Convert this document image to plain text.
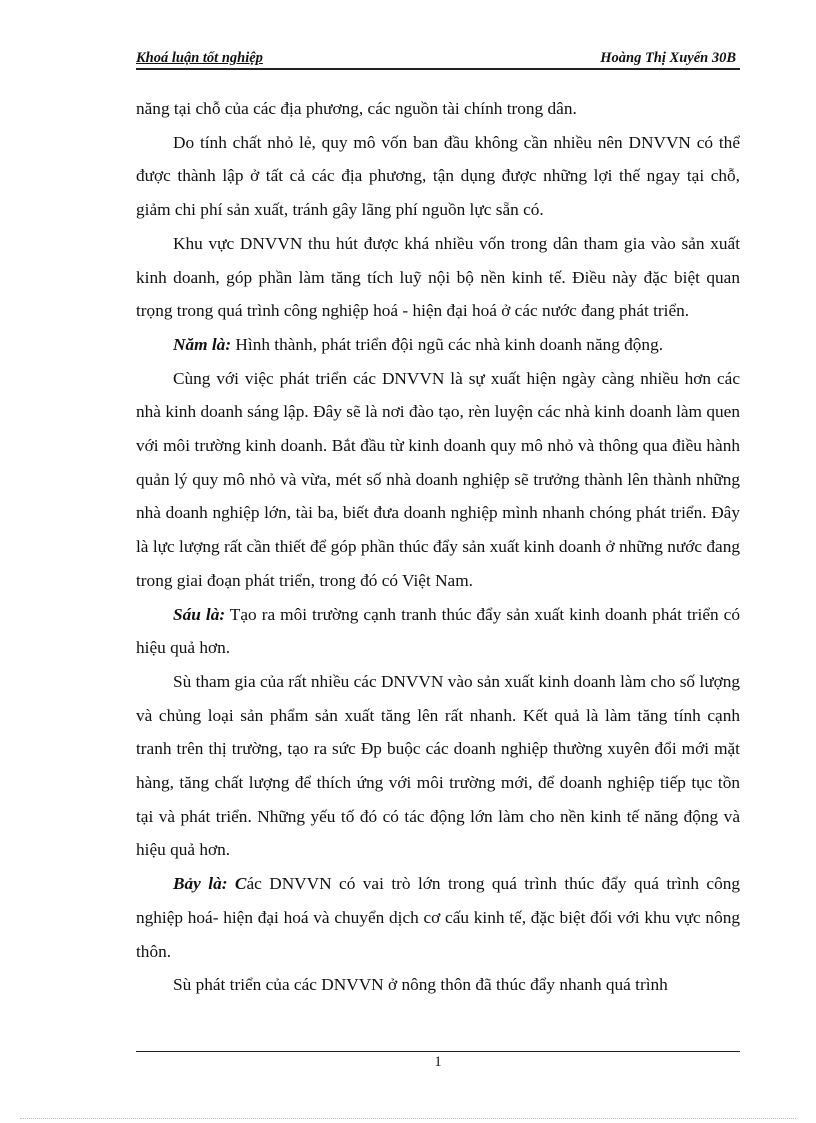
Khoá luận tốt nghiệp	Hoàng Thị Xuyến 30B

năng tại chỗ của các địa phương, các nguồn tài chính trong dân.

Do tính chất nhỏ lẻ, quy mô vốn ban đầu không cần nhiều nên DNVVN có thể được thành lập ở tất cả các địa phương, tận dụng được những lợi thế ngay tại chỗ, giảm chi phí sản xuất, tránh gây lãng phí nguồn lực sẵn có.

Khu vực DNVVN thu hút được khá nhiều vốn trong dân tham gia vào sản xuất kinh doanh, góp phần làm tăng tích luỹ nội bộ nền kinh tế. Điều này đặc biệt quan trọng trong quá trình công nghiệp hoá - hiện đại hoá ở các nước đang phát triển.

Năm là: Hình thành, phát triển đội ngũ các nhà kinh doanh năng động.

Cùng với việc phát triển các DNVVN là sự xuất hiện ngày càng nhiều hơn các nhà kinh doanh sáng lập. Đây sẽ là nơi đào tạo, rèn luyện các nhà kinh doanh làm quen với môi trường kinh doanh. Bắt đầu từ kinh doanh quy mô nhỏ và thông qua điều hành quản lý quy mô nhỏ và vừa, mét số nhà doanh nghiệp sẽ trưởng thành lên thành những nhà doanh nghiệp lớn, tài ba, biết đưa doanh nghiệp mình nhanh chóng phát triển. Đây là lực lượng rất cần thiết để góp phần thúc đẩy sản xuất kinh doanh ở những nước đang trong giai đoạn phát triển, trong đó có Việt Nam.

Sáu là: Tạo ra môi trường cạnh tranh thúc đẩy sản xuất kinh doanh phát triển có hiệu quả hơn.

Sù tham gia của rất nhiều các DNVVN vào sản xuất kinh doanh làm cho số lượng và chủng loại sản phẩm sản xuất tăng lên rất nhanh. Kết quả là làm tăng tính cạnh tranh trên thị trường, tạo ra sức Ðp buộc các doanh nghiệp thường xuyên đổi mới mặt hàng, tăng chất lượng để thích ứng với môi trường mới, để doanh nghiệp tiếp tục tồn tại và phát triển. Những yếu tố đó có tác động lớn làm cho nền kinh tế năng động và hiệu quả hơn.

Bảy là: Các DNVVN có vai trò lớn trong quá trình thúc đẩy quá trình công nghiệp hoá- hiện đại hoá và chuyển dịch cơ cấu kinh tế, đặc biệt đối với khu vực nông thôn.

Sù phát triển của các DNVVN ở nông thôn đã thúc đẩy nhanh quá trình

1
